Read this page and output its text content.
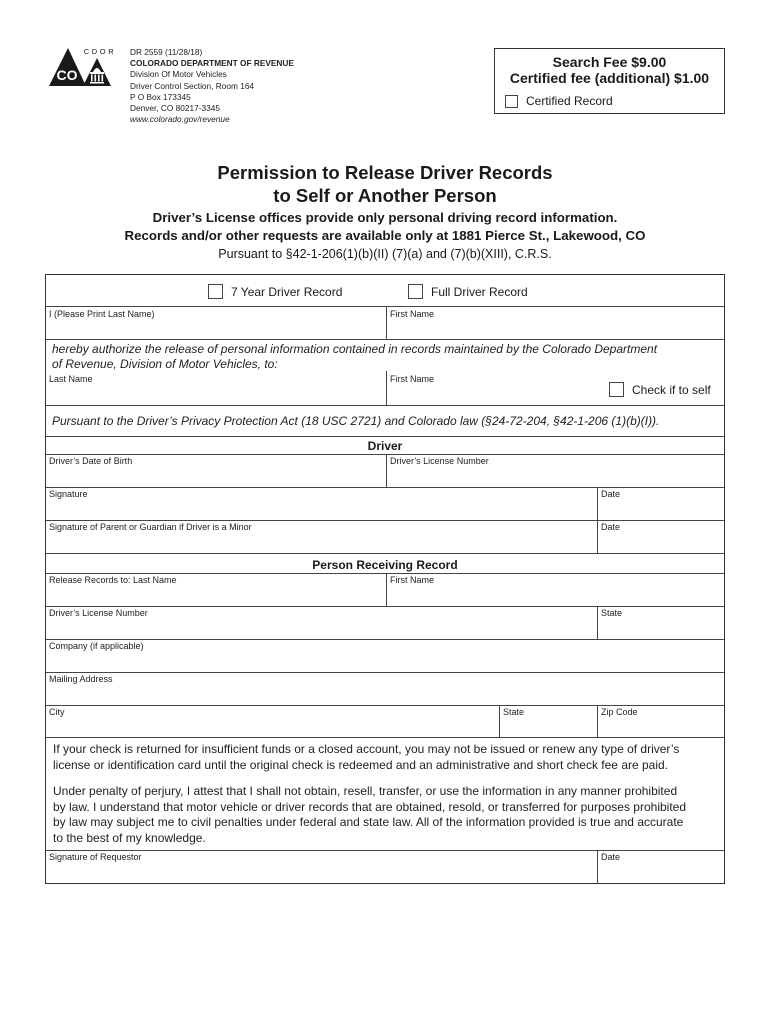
CO
CDOR DR 2559 (11/28/18)
COLORADO DEPARTMENT OF REVENUE
Division Of Motor Vehicles
Driver Control Section, Room 164
P O Box 173345
Denver, CO 80217-3345
www.colorado.gov/revenue
Search Fee $9.00
Certified fee (additional) $1.00
Certified Record
Permission to Release Driver Records
to Self or Another Person
Driver’s License offices provide only personal driving record information.
Records and/or other requests are available only at 1881 Pierce St., Lakewood, CO
Pursuant to §42-1-206(1)(b)(II) (7)(a) and (7)(b)(XIII), C.R.S.
7 Year Driver Record	Full Driver Record
I (Please Print Last Name)	First Name
hereby authorize the release of personal information contained in records maintained by the Colorado Department
of Revenue, Division of Motor Vehicles, to:
Last Name	First Name
Check if to self
Pursuant to the Driver’s Privacy Protection Act (18 USC 2721) and Colorado law (§24-72-204, §42-1-206 (1)(b)(I)).
Driver
Driver’s Date of Birth	Driver’s License Number
Signature	Date
Signature of Parent or Guardian if Driver is a Minor	Date
Person Receiving Record
Release Records to: Last Name	First Name
Driver’s License Number	State
Company (if applicable)
Mailing Address
City	State	Zip Code
If your check is returned for insufficient funds or a closed account, you may not be issued or renew any type of driver’s
license or identification card until the original check is redeemed and an administrative and short check fee are paid.
Under penalty of perjury, I attest that I shall not obtain, resell, transfer, or use the information in any manner prohibited
by law. I understand that motor vehicle or driver records that are obtained, resold, or transferred for purposes prohibited
by law may subject me to civil penalties under federal and state law. All of the information provided is true and accurate
to the best of my knowledge.
Signature of Requestor	Date
